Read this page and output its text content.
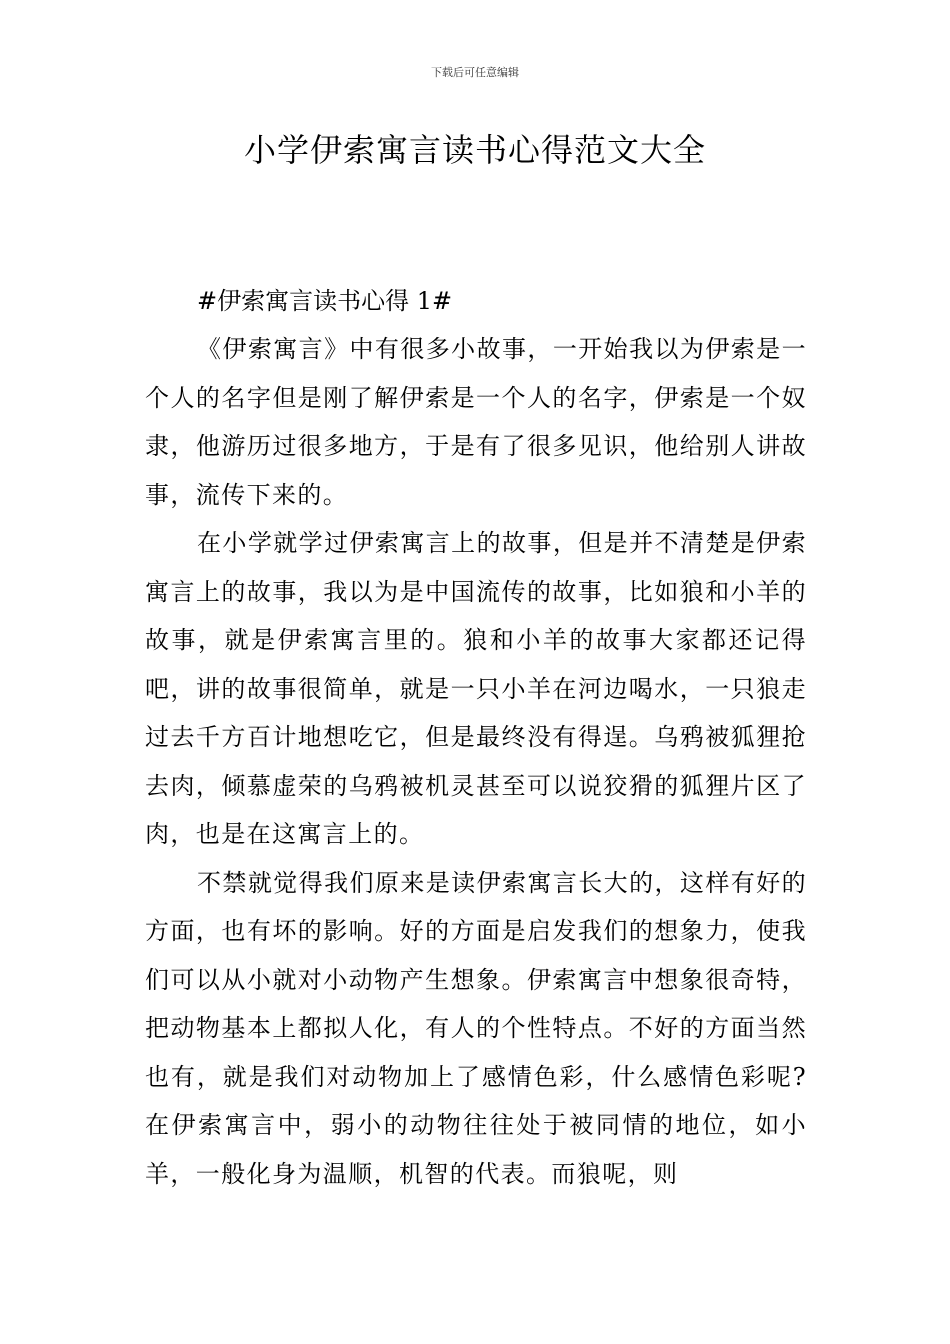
下载后可任意编辑
小学伊索寓言读书心得范文大全

#伊索寓言读书心得 1#

《伊索寓言》中有很多小故事，一开始我以为伊索是一个人的名字但是刚了解伊索是一个人的名字，伊索是一个奴隶，他游历过很多地方，于是有了很多见识，他给别人讲故事，流传下来的。

在小学就学过伊索寓言上的故事，但是并不清楚是伊索寓言上的故事，我以为是中国流传的故事，比如狼和小羊的故事，就是伊索寓言里的。狼和小羊的故事大家都还记得吧，讲的故事很简单，就是一只小羊在河边喝水，一只狼走过去千方百计地想吃它，但是最终没有得逞。乌鸦被狐狸抢去肉，倾慕虚荣的乌鸦被机灵甚至可以说狡猾的狐狸片区了肉，也是在这寓言上的。

不禁就觉得我们原来是读伊索寓言长大的，这样有好的方面，也有坏的影响。好的方面是启发我们的想象力，使我们可以从小就对小动物产生想象。伊索寓言中想象很奇特，把动物基本上都拟人化，有人的个性特点。不好的方面当然也有，就是我们对动物加上了感情色彩，什么感情色彩呢?在伊索寓言中，弱小的动物往往处于被同情的地位，如小羊，一般化身为温顺，机智的代表。而狼呢，则
